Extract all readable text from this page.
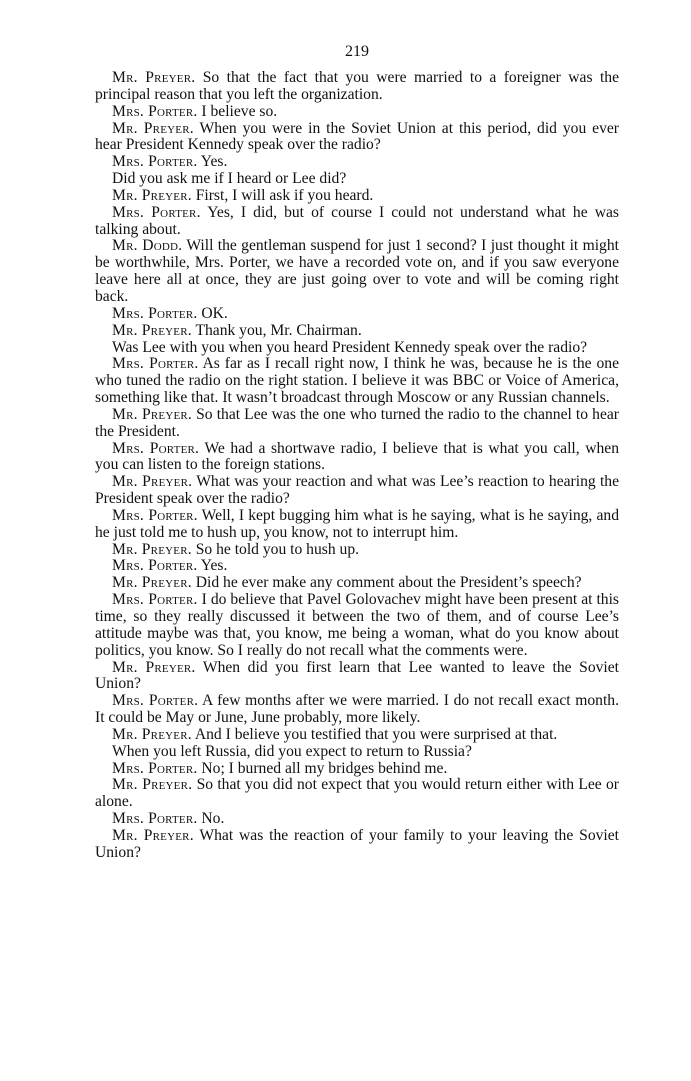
219

Mr. Preyer. So that the fact that you were married to a foreigner was the principal reason that you left the organization.

Mrs. Porter. I believe so.

Mr. Preyer. When you were in the Soviet Union at this period, did you ever hear President Kennedy speak over the radio?

Mrs. Porter. Yes.

Did you ask me if I heard or Lee did?

Mr. Preyer. First, I will ask if you heard.

Mrs. Porter. Yes, I did, but of course I could not understand what he was talking about.

Mr. Dodd. Will the gentleman suspend for just 1 second? I just thought it might be worthwhile, Mrs. Porter, we have a recorded vote on, and if you saw everyone leave here all at once, they are just going over to vote and will be coming right back.

Mrs. Porter. OK.

Mr. Preyer. Thank you, Mr. Chairman.

Was Lee with you when you heard President Kennedy speak over the radio?

Mrs. Porter. As far as I recall right now, I think he was, because he is the one who tuned the radio on the right station. I believe it was BBC or Voice of America, something like that. It wasn’t broadcast through Moscow or any Russian channels.

Mr. Preyer. So that Lee was the one who turned the radio to the channel to hear the President.

Mrs. Porter. We had a shortwave radio, I believe that is what you call, when you can listen to the foreign stations.

Mr. Preyer. What was your reaction and what was Lee’s reaction to hearing the President speak over the radio?

Mrs. Porter. Well, I kept bugging him what is he saying, what is he saying, and he just told me to hush up, you know, not to interrupt him.

Mr. Preyer. So he told you to hush up.

Mrs. Porter. Yes.

Mr. Preyer. Did he ever make any comment about the President’s speech?

Mrs. Porter. I do believe that Pavel Golovachev might have been present at this time, so they really discussed it between the two of them, and of course Lee’s attitude maybe was that, you know, me being a woman, what do you know about politics, you know. So I really do not recall what the comments were.

Mr. Preyer. When did you first learn that Lee wanted to leave the Soviet Union?

Mrs. Porter. A few months after we were married. I do not recall exact month. It could be May or June, June probably, more likely.

Mr. Preyer. And I believe you testified that you were surprised at that.

When you left Russia, did you expect to return to Russia?

Mrs. Porter. No; I burned all my bridges behind me.

Mr. Preyer. So that you did not expect that you would return either with Lee or alone.

Mrs. Porter. No.

Mr. Preyer. What was the reaction of your family to your leaving the Soviet Union?
